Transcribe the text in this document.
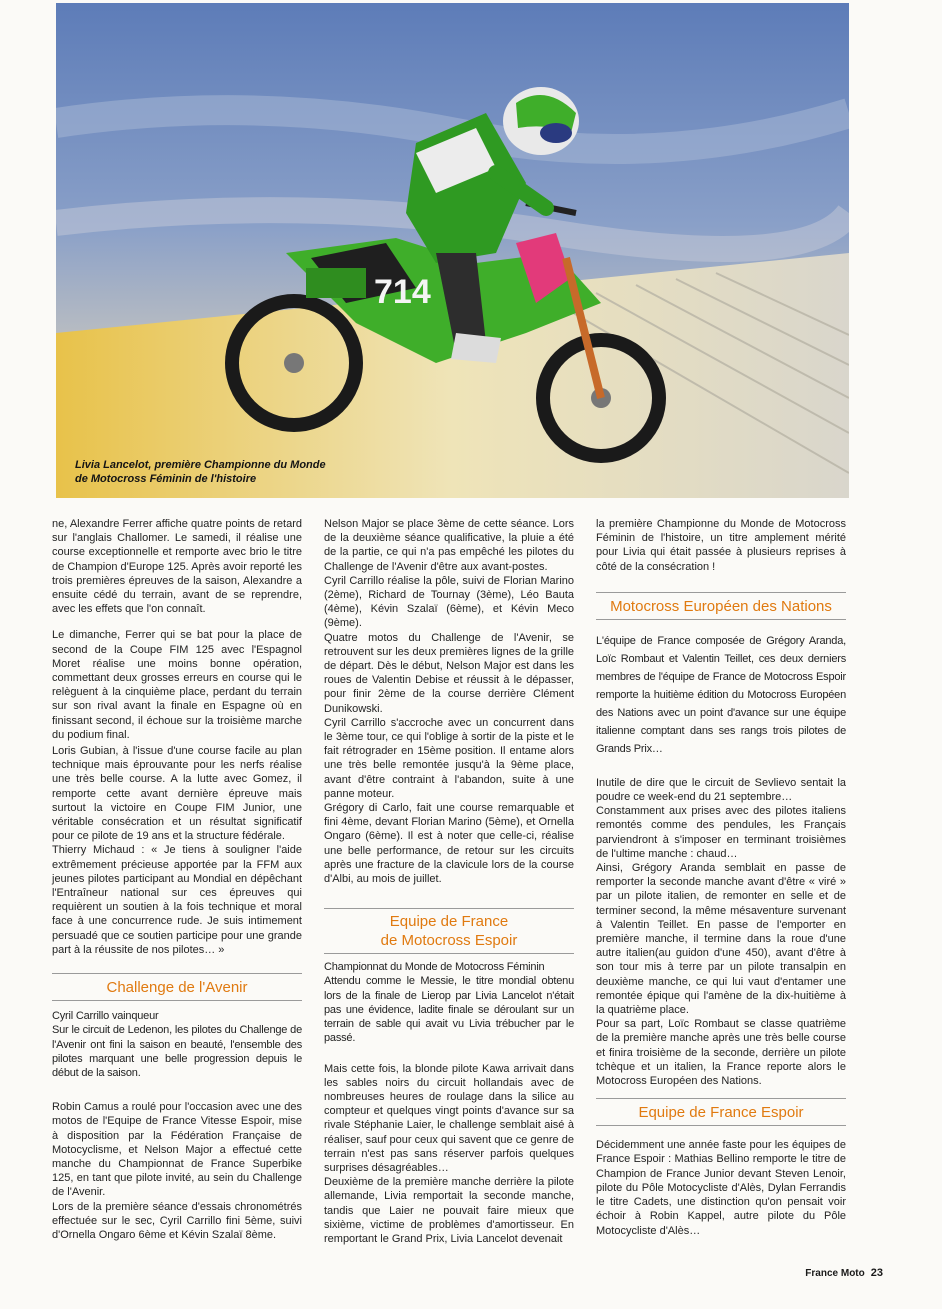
714

Livia Lancelot, première Championne du Monde
de Motocross Féminin de l'histoire

ne, Alexandre Ferrer affiche quatre points de retard sur l'anglais Challomer. Le samedi, il réalise une course exceptionnelle et remporte avec brio le titre de Champion d'Europe 125. Après avoir reporté les trois premières épreuves de la saison, Alexandre a ensuite cédé du terrain, avant de se reprendre, avec les effets que l'on connaît.

Le dimanche, Ferrer qui se bat pour la place de second de la Coupe FIM 125 avec l'Espagnol Moret réalise une moins bonne opération, commettant deux grosses erreurs en course qui le relèguent à la cinquième place, perdant du terrain sur son rival avant la finale en Espagne où en finissant second, il échoue sur la troisième marche du podium final.

Loris Gubian, à l'issue d'une course facile au plan technique mais éprouvante pour les nerfs réalise une très belle course. A la lutte avec Gomez, il remporte cette avant dernière épreuve mais surtout la victoire en Coupe FIM Junior, une véritable consécration et un résultat significatif pour ce pilote de 19 ans et la structure fédérale.

Thierry Michaud : « Je tiens à souligner l'aide extrêmement précieuse apportée par la FFM aux jeunes pilotes participant au Mondial en dépêchant l'Entraîneur national sur ces épreuves qui requièrent un soutien à la fois technique et moral face à une concurrence rude. Je suis intimement persuadé que ce soutien participe pour une grande part à la réussite de nos pilotes… »

Challenge de l'Avenir

Cyril Carrillo vainqueur

Sur le circuit de Ledenon, les pilotes du Challenge de l'Avenir ont fini la saison en beauté, l'ensemble des pilotes marquant une belle progression depuis le début de la saison.

Robin Camus a roulé pour l'occasion avec une des motos de l'Equipe de France Vitesse Espoir, mise à disposition par la Fédération Française de Motocyclisme, et Nelson Major a effectué cette manche du Championnat de France Superbike 125, en tant que pilote invité, au sein du Challenge de l'Avenir.

Lors de la première séance d'essais chronométrés effectuée sur le sec, Cyril Carrillo fini 5ème, suivi d'Ornella Ongaro 6ème et Kévin Szalaï 8ème.

Nelson Major se place 3ème de cette séance. Lors de la deuxième séance qualificative, la pluie a été de la partie, ce qui n'a pas empêché les pilotes du Challenge de l'Avenir d'être aux avant-postes.

Cyril Carrillo réalise la pôle, suivi de Florian Marino (2ème), Richard de Tournay (3ème), Léo Bauta (4ème), Kévin Szalaï (6ème), et Kévin Meco (9ème).

Quatre motos du Challenge de l'Avenir, se retrouvent sur les deux premières lignes de la grille de départ. Dès le début, Nelson Major est dans les roues de Valentin Debise et réussit à le dépasser, pour finir 2ème de la course derrière Clément Dunikowski.

Cyril Carrillo s'accroche avec un concurrent dans le 3ème tour, ce qui l'oblige à sortir de la piste et le fait rétrograder en 15ème position. Il entame alors une très belle remontée jusqu'à la 9ème place, avant d'être contraint à l'abandon, suite à une panne moteur.

Grégory di Carlo, fait une course remarquable et fini 4ème, devant Florian Marino (5ème), et Ornella Ongaro (6ème). Il est à noter que celle-ci, réalise une belle performance, de retour sur les circuits après une fracture de la clavicule lors de la course d'Albi, au mois de juillet.

Equipe de France
de Motocross Espoir

Championnat du Monde de Motocross Féminin

Attendu comme le Messie, le titre mondial obtenu lors de la finale de Lierop par Livia Lancelot n'était pas une évidence, ladite finale se déroulant sur un terrain de sable qui avait vu Livia trébucher par le passé.

Mais cette fois, la blonde pilote Kawa arrivait dans les sables noirs du circuit hollandais avec de nombreuses heures de roulage dans la silice au compteur et quelques vingt points d'avance sur sa rivale Stéphanie Laier, le challenge semblait aisé à réaliser, sauf pour ceux qui savent que ce genre de terrain n'est pas sans réserver parfois quelques surprises désagréables…

Deuxième de la première manche derrière la pilote allemande, Livia remportait la seconde manche, tandis que Laier ne pouvait faire mieux que sixième, victime de problèmes d'amortisseur. En remportant le Grand Prix, Livia Lancelot devenait

la première Championne du Monde de Motocross Féminin de l'histoire, un titre amplement mérité pour Livia qui était passée à plusieurs reprises à côté de la consécration !

Motocross Européen des Nations

L'équipe de France composée de Grégory Aranda, Loïc Rombaut et Valentin Teillet, ces deux derniers membres de l'équipe de France de Motocross Espoir remporte la huitième édition du Motocross Européen des Nations avec un point d'avance sur une équipe italienne comptant dans ses rangs trois pilotes de Grands Prix…

Inutile de dire que le circuit de Sevlievo sentait la poudre ce week-end du 21 septembre…

Constamment aux prises avec des pilotes italiens remontés comme des pendules, les Français parviendront à s'imposer en terminant troisièmes de l'ultime manche : chaud…

Ainsi, Grégory Aranda semblait en passe de remporter la seconde manche avant d'être « viré » par un pilote italien, de remonter en selle et de terminer second, la même mésaventure survenant à Valentin Teillet. En passe de l'emporter en première manche, il termine dans la roue d'une autre italien(au guidon d'une 450), avant d'être à son tour mis à terre par un pilote transalpin en deuxième manche, ce qui lui vaut d'entamer une remontée épique qui l'amène de la dix-huitième à la quatrième place.

Pour sa part, Loïc Rombaut se classe quatrième de la première manche après une très belle course et finira troisième de la seconde, derrière un pilote tchèque et un italien, la France reporte alors le Motocross Européen des Nations.

Equipe de France Espoir

Décidemment une année faste pour les équipes de France Espoir : Mathias Bellino remporte le titre de Champion de France Junior devant Steven Lenoir, pilote du Pôle Motocycliste d'Alès, Dylan Ferrandis le titre Cadets, une distinction qu'on pensait voir échoir à Robin Kappel, autre pilote du Pôle Motocycliste d'Alès…

France Moto 23
